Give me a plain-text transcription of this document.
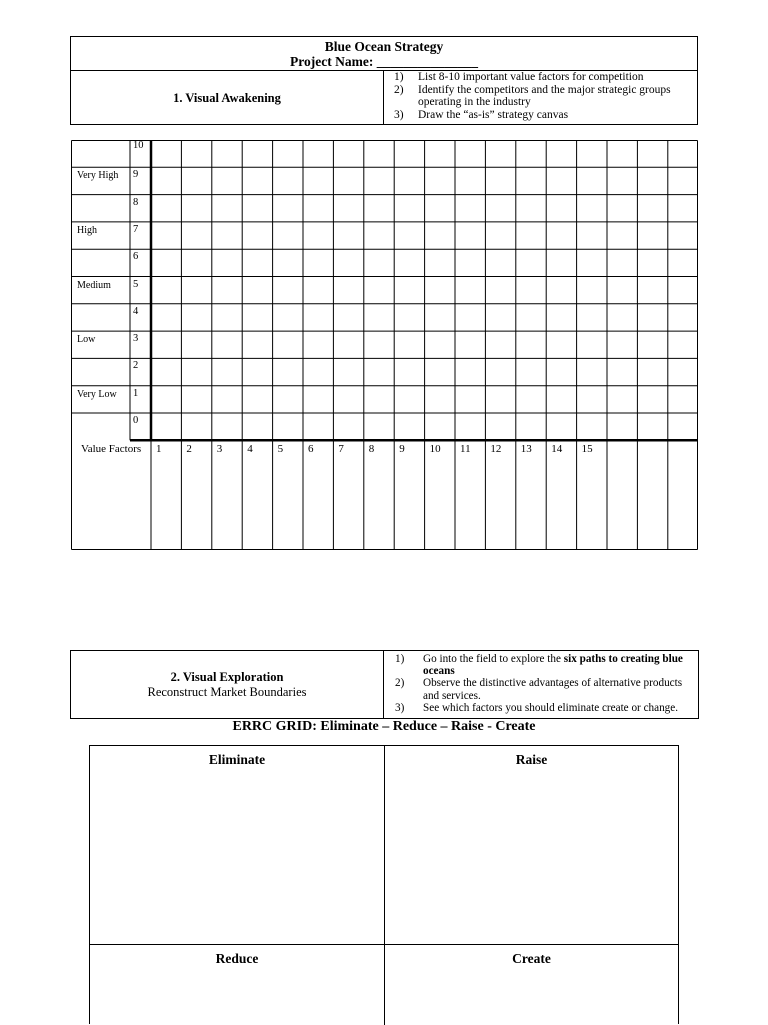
Blue Ocean Strategy
Project Name: _______________
1. Visual Awakening
1) List 8-10 important value factors for competition
2) Identify the competitors and the major strategic groups operating in the industry
3) Draw the “as-is” strategy canvas
10
9
8
7
6
5
4
3
2
1
0
Very High
High
Medium
Low
Very Low
Value Factors 1 2 3 4 5 6 7 8 9 10 11 12 13 14 15
2. Visual Exploration
Reconstruct Market Boundaries
1) Go into the field to explore the six paths to creating blue oceans
2) Observe the distinctive advantages of alternative products and services.
3) See which factors you should eliminate create or change.
ERRC GRID: Eliminate – Reduce – Raise - Create
Eliminate	Raise
Reduce	Create
